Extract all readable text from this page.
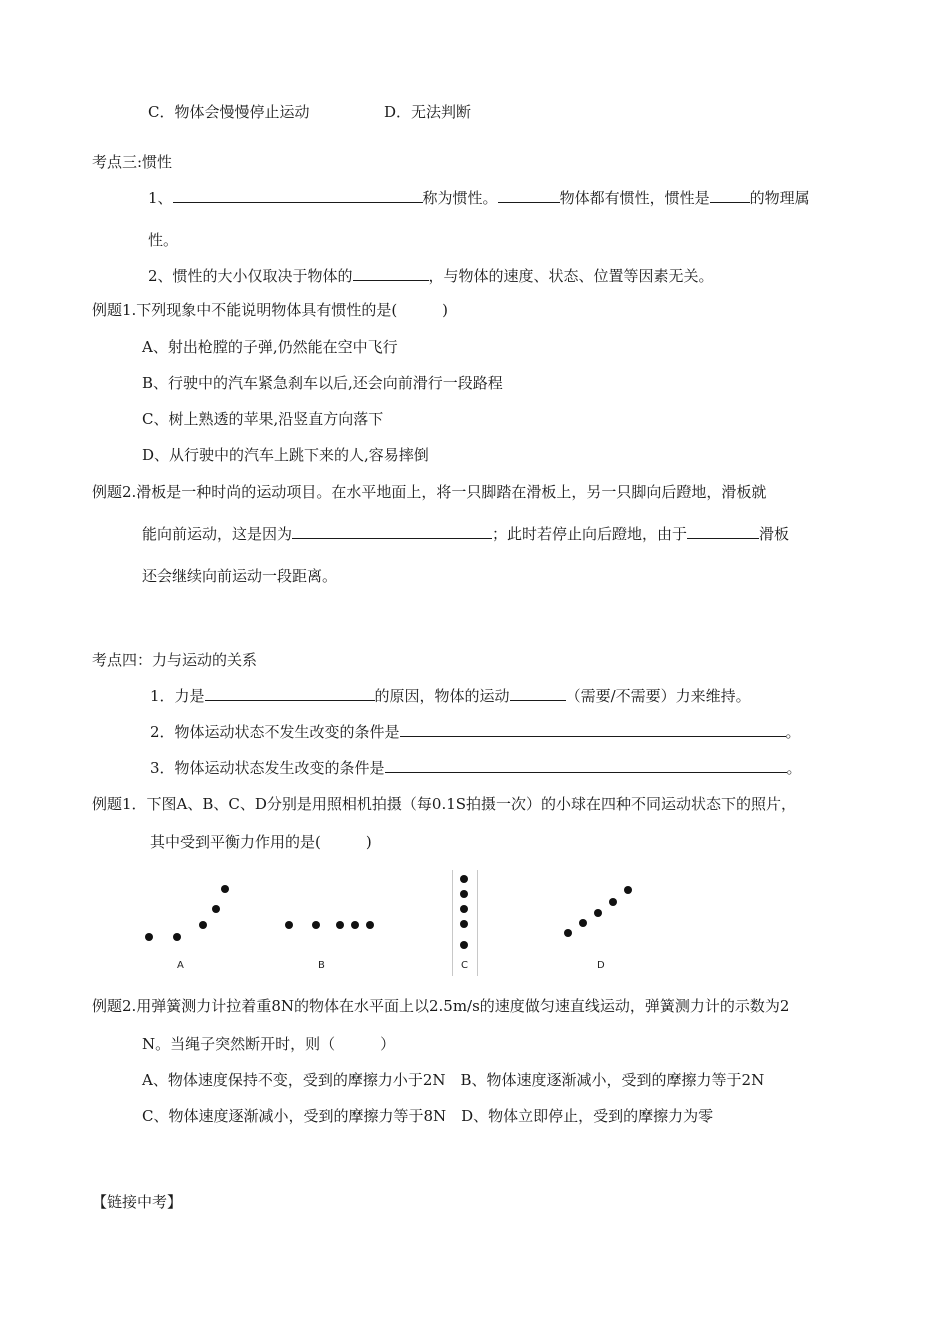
C．物体会慢慢停止运动	D．无法判断
考点三:惯性
1、	称为惯性。	物体都有惯性，惯性是	的物理属
性。
2、惯性的大小仅取决于物体的	，与物体的速度、状态、位置等因素无关。
例题1.下列现象中不能说明物体具有惯性的是(　　　)
A、射出枪膛的子弹,仍然能在空中飞行
B、行驶中的汽车紧急刹车以后,还会向前滑行一段路程
C、树上熟透的苹果,沿竖直方向落下
D、从行驶中的汽车上跳下来的人,容易摔倒
例题2.滑板是一种时尚的运动项目。在水平地面上，将一只脚踏在滑板上，另一只脚向后蹬地，滑板就
能向前运动，这是因为	；此时若停止向后蹬地，由于	滑板
还会继续向前运动一段距离。
考点四：力与运动的关系
1．力是	的原因，物体的运动	（需要/不需要）力来维持。
2．物体运动状态不发生改变的条件是	。
3．物体运动状态发生改变的条件是	。
例题1．下图A、B、C、D分别是用照相机拍摄（每0.1S拍摄一次）的小球在四种不同运动状态下的照片，
其中受到平衡力作用的是(　　　)
A	B	C	D
例题2.用弹簧测力计拉着重8N的物体在水平面上以2.5m/s的速度做匀速直线运动，弹簧测力计的示数为2
N。当绳子突然断开时，则（　　　）
A、物体速度保持不变，受到的摩擦力小于2N　B、物体速度逐渐减小，受到的摩擦力等于2N
C、物体速度逐渐减小，受到的摩擦力等于8N　D、物体立即停止，受到的摩擦力为零
【链接中考】
